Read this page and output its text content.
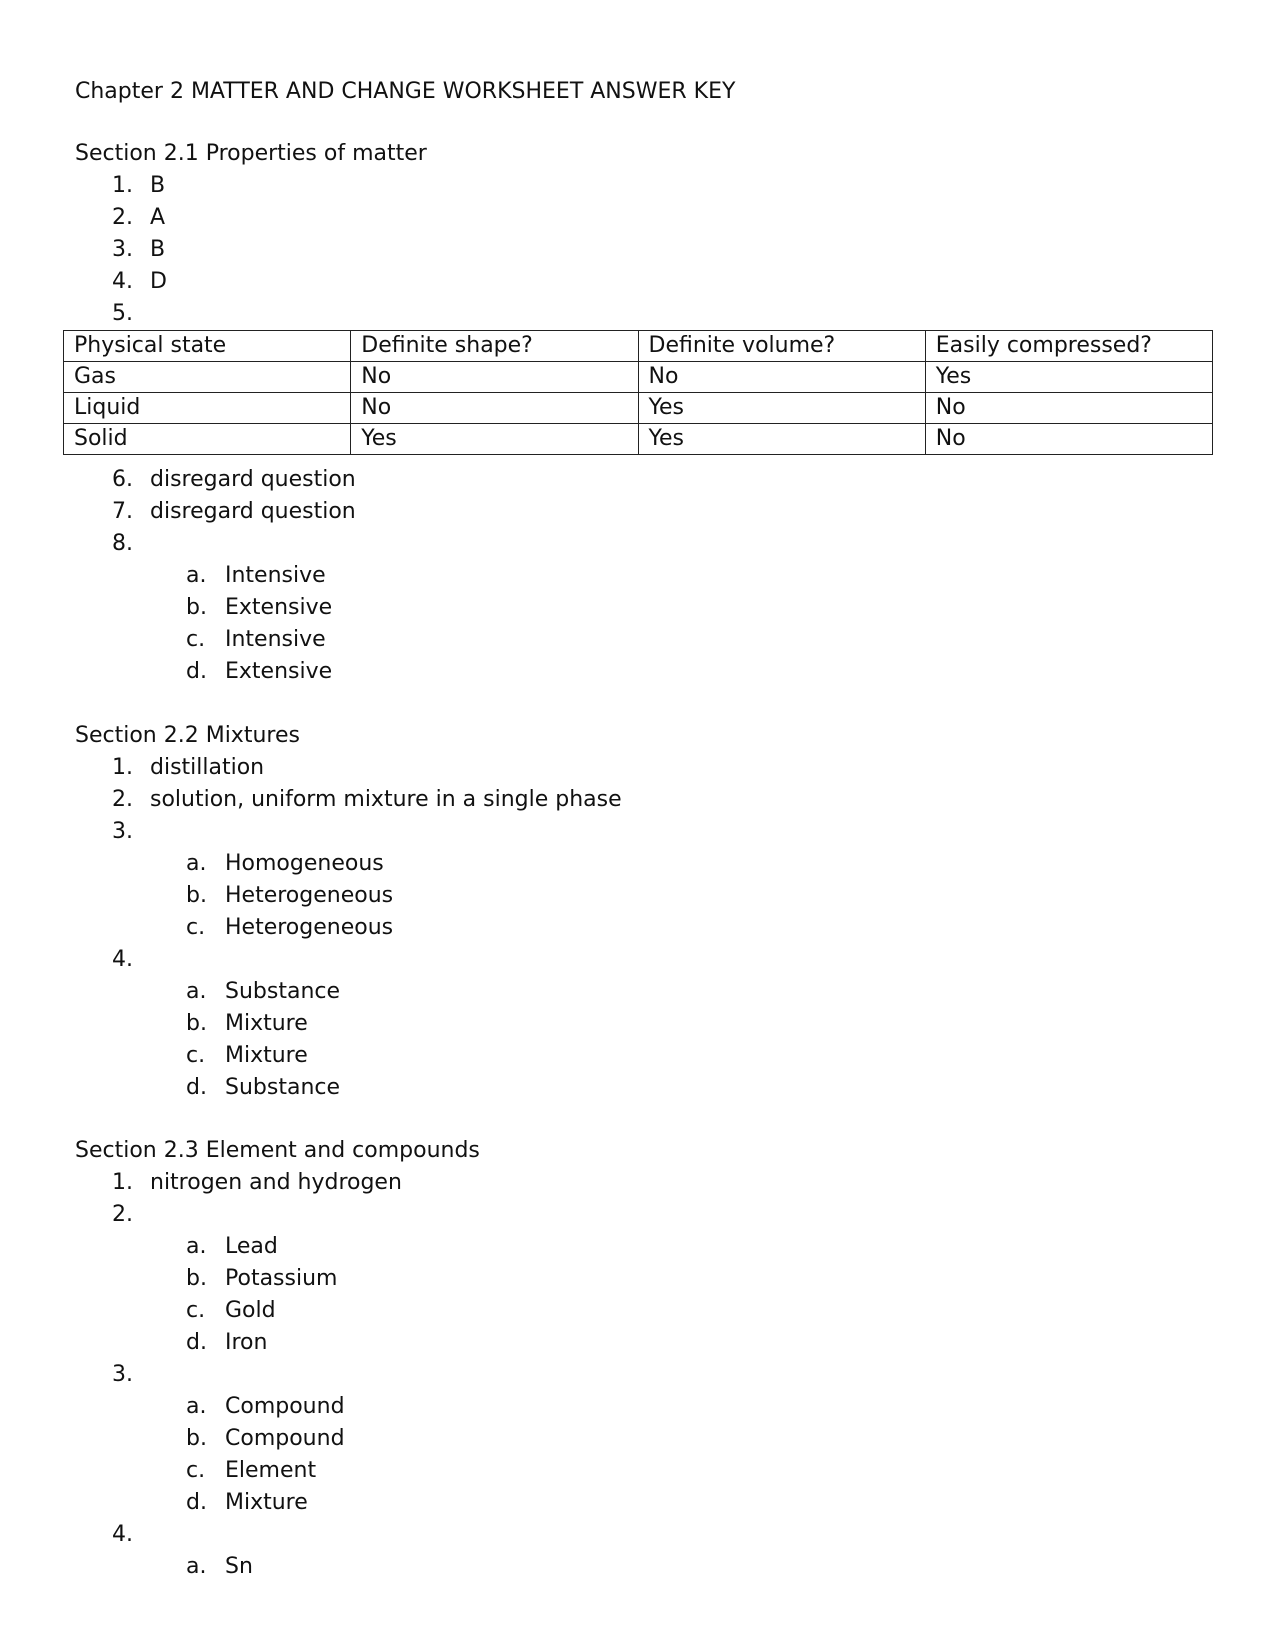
Chapter 2 MATTER AND CHANGE WORKSHEET ANSWER KEY
Section 2.1 Properties of matter
1. B
2. A
3. B
4. D
5.
Physical state	Definite shape?	Definite volume?	Easily compressed?
Gas	No	No	Yes
Liquid	No	Yes	No
Solid	Yes	Yes	No
6. disregard question
7. disregard question
8.
a. Intensive
b. Extensive
c. Intensive
d. Extensive
Section 2.2 Mixtures
1. distillation
2. solution, uniform mixture in a single phase
3.
a. Homogeneous
b. Heterogeneous
c. Heterogeneous
4.
a. Substance
b. Mixture
c. Mixture
d. Substance
Section 2.3 Element and compounds
1. nitrogen and hydrogen
2.
a. Lead
b. Potassium
c. Gold
d. Iron
3.
a. Compound
b. Compound
c. Element
d. Mixture
4.
a. Sn
